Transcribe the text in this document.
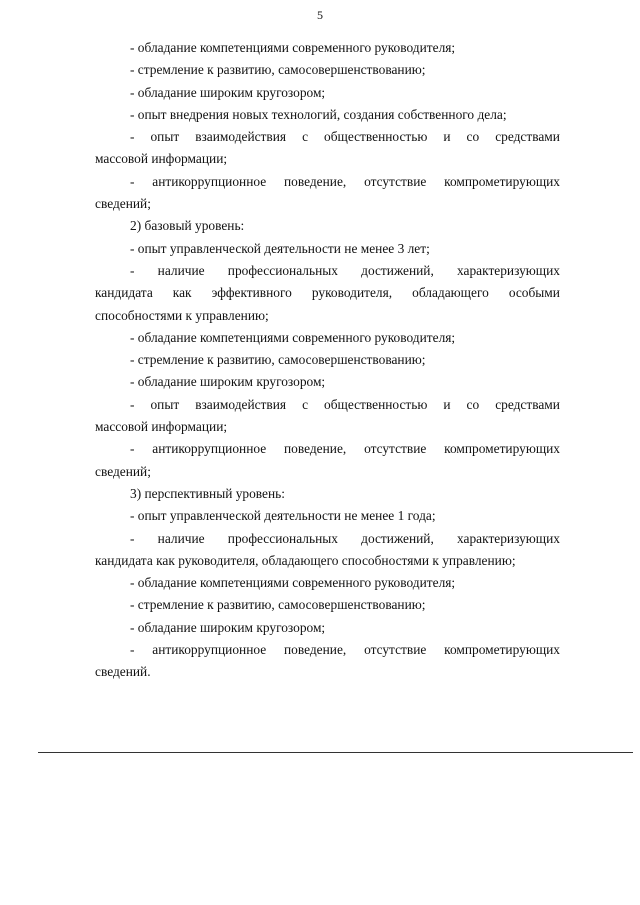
5
- обладание компетенциями современного руководителя;
- стремление к развитию, самосовершенствованию;
- обладание широким кругозором;
- опыт внедрения новых технологий, создания собственного дела;
- опыт взаимодействия с общественностью и со средствами
массовой информации;
- антикоррупционное поведение, отсутствие компрометирующих
сведений;
2) базовый уровень:
- опыт управленческой деятельности не менее 3 лет;
- наличие профессиональных достижений, характеризующих
кандидата как эффективного руководителя, обладающего особыми
способностями к управлению;
- обладание компетенциями современного руководителя;
- стремление к развитию, самосовершенствованию;
- обладание широким кругозором;
- опыт взаимодействия с общественностью и со средствами
массовой информации;
- антикоррупционное поведение, отсутствие компрометирующих
сведений;
3) перспективный уровень:
- опыт управленческой деятельности не менее 1 года;
- наличие профессиональных достижений, характеризующих
кандидата как руководителя, обладающего способностями к управлению;
- обладание компетенциями современного руководителя;
- стремление к развитию, самосовершенствованию;
- обладание широким кругозором;
- антикоррупционное поведение, отсутствие компрометирующих
сведений.
